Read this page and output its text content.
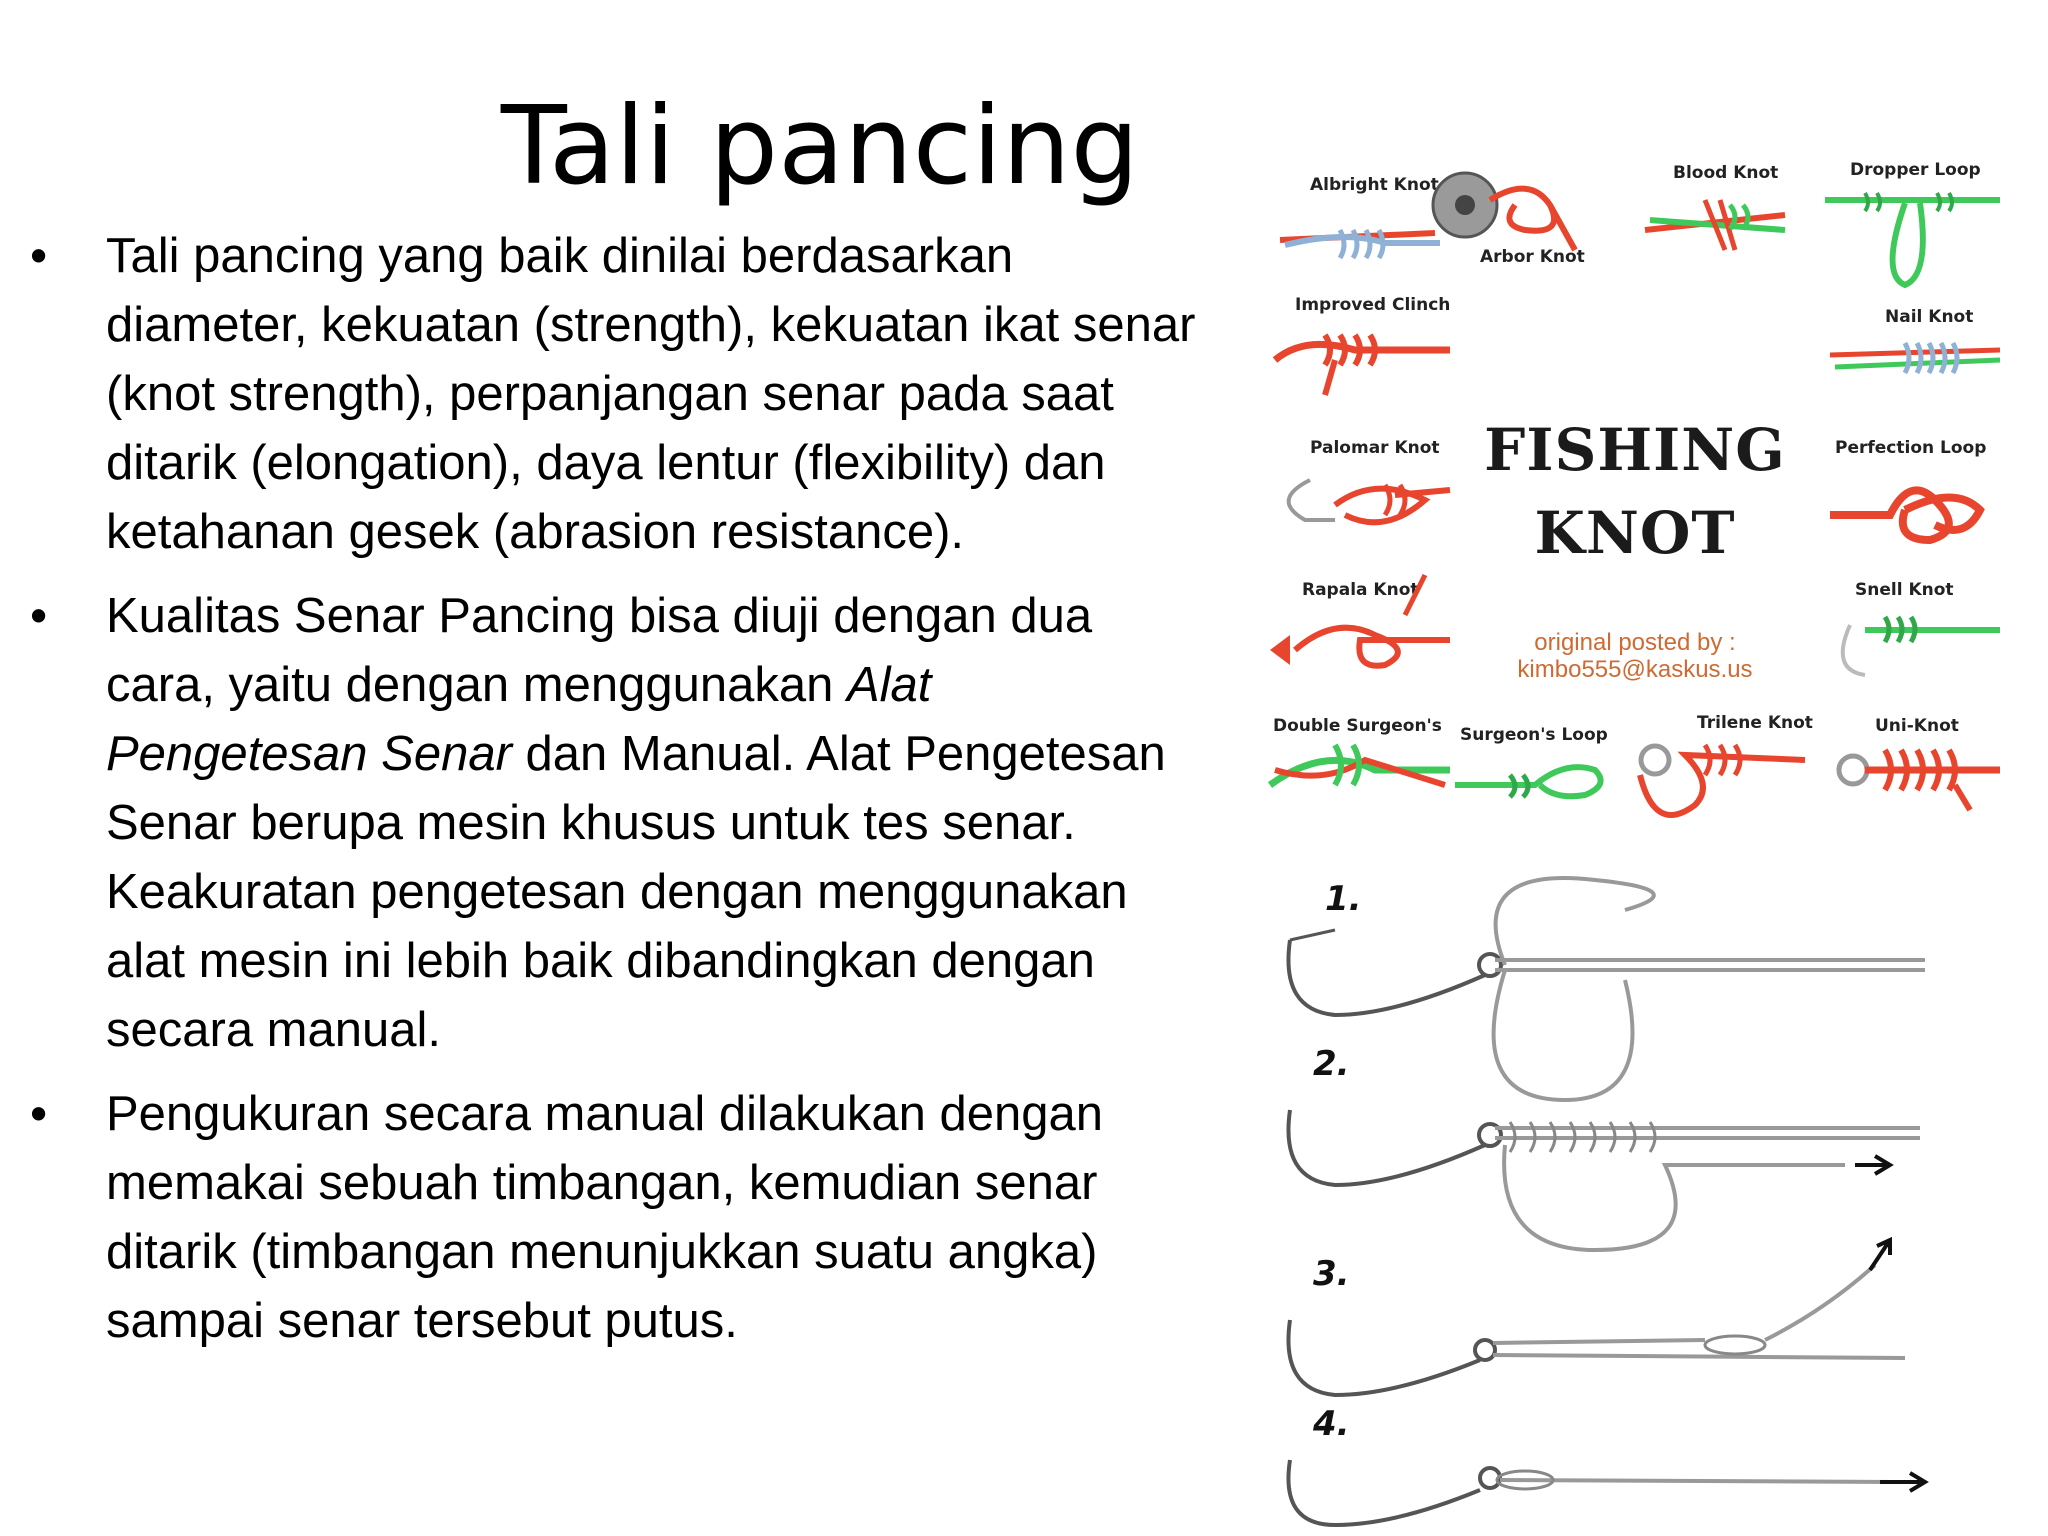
Tali pancing
•	Tali pancing yang baik dinilai berdasarkan diameter, kekuatan (strength), kekuatan ikat senar (knot strength), perpanjangan senar pada saat ditarik (elongation), daya lentur (flexibility) dan ketahanan gesek (abrasion resistance).
•	Kualitas Senar Pancing bisa diuji dengan dua cara, yaitu dengan menggunakan Alat Pengetesan Senar dan Manual. Alat Pengetesan Senar berupa mesin khusus untuk tes senar. Keakuratan pengetesan dengan menggunakan alat mesin ini lebih baik dibandingkan dengan secara manual.
•	Pengukuran secara manual dilakukan dengan memakai sebuah timbangan, kemudian senar ditarik (timbangan menunjukkan suatu angka) sampai senar tersebut putus.
Albright Knot
Arbor Knot
Blood Knot	Dropper Loop
Improved Clinch
Nail Knot
FISHING
KNOT
Palomar Knot	Perfection Loop
Rapala Knot
original posted by :
kimbo555@kaskus.us
Snell Knot
Double Surgeon's Surgeon's Loop
Trilene Knot	Uni-Knot
1.
2.
3.
4.
